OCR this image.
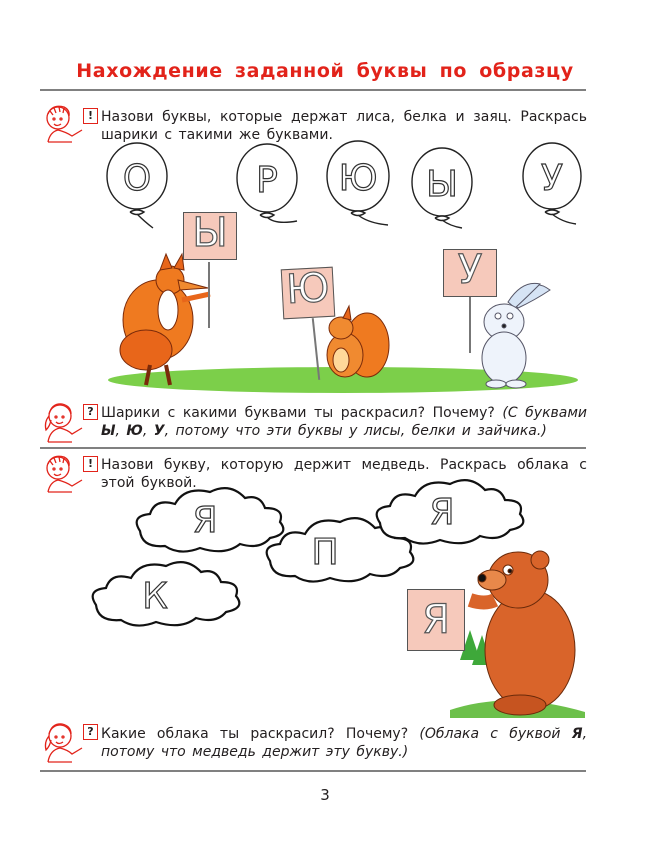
Нахождение заданной буквы по образцу
! Назови буквы, которые держат лиса, белка и заяц. Раскрась шарики с такими же буквами.
О	Р Ю Ы У
Ы
Ю	У
? Шарики с какими буквами ты раскрасил? Почему? (С буквами Ы, Ю, У, потому что эти буквы у лисы, белки и зайчика.)
! Назови букву, которую держит медведь. Раскрась облака с этой буквой.
Я
П
К
Я
Я
? Какие облака ты раскрасил? Почему? (Облака с буквой Я, потому что медведь держит эту букву.)
3
